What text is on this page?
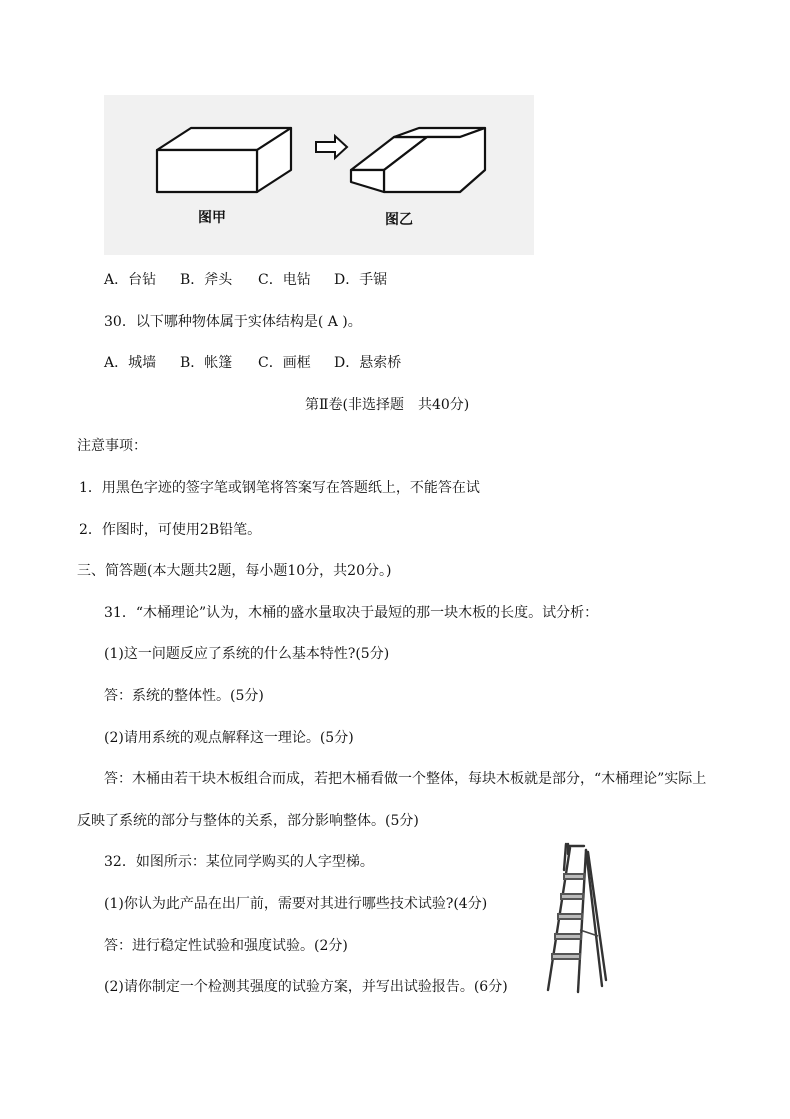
图甲	图乙
A．台钻 B．斧头 C．电钻 D．手锯
30．以下哪种物体属于实体结构是( A )。
A．城墙 B．帐篷 C．画框 D．悬索桥
第Ⅱ卷(非选择题　共40分)
注意事项：
1．用黑色字迹的签字笔或钢笔将答案写在答题纸上，不能答在试
2．作图时，可使用2B铅笔。
三、简答题(本大题共2题，每小题10分，共20分。)
31．“木桶理论”认为，木桶的盛水量取决于最短的那一块木板的长度。试分析：
(1)这一问题反应了系统的什么基本特性?(5分)
答：系统的整体性。(5分)
(2)请用系统的观点解释这一理论。(5分)
答：木桶由若干块木板组合而成，若把木桶看做一个整体，每块木板就是部分，“木桶理论”实际上
反映了系统的部分与整体的关系，部分影响整体。(5分)
32．如图所示：某位同学购买的人字型梯。
(1)你认为此产品在出厂前，需要对其进行哪些技术试验?(4分)
答：进行稳定性试验和强度试验。(2分)
(2)请你制定一个检测其强度的试验方案，并写出试验报告。(6分)
